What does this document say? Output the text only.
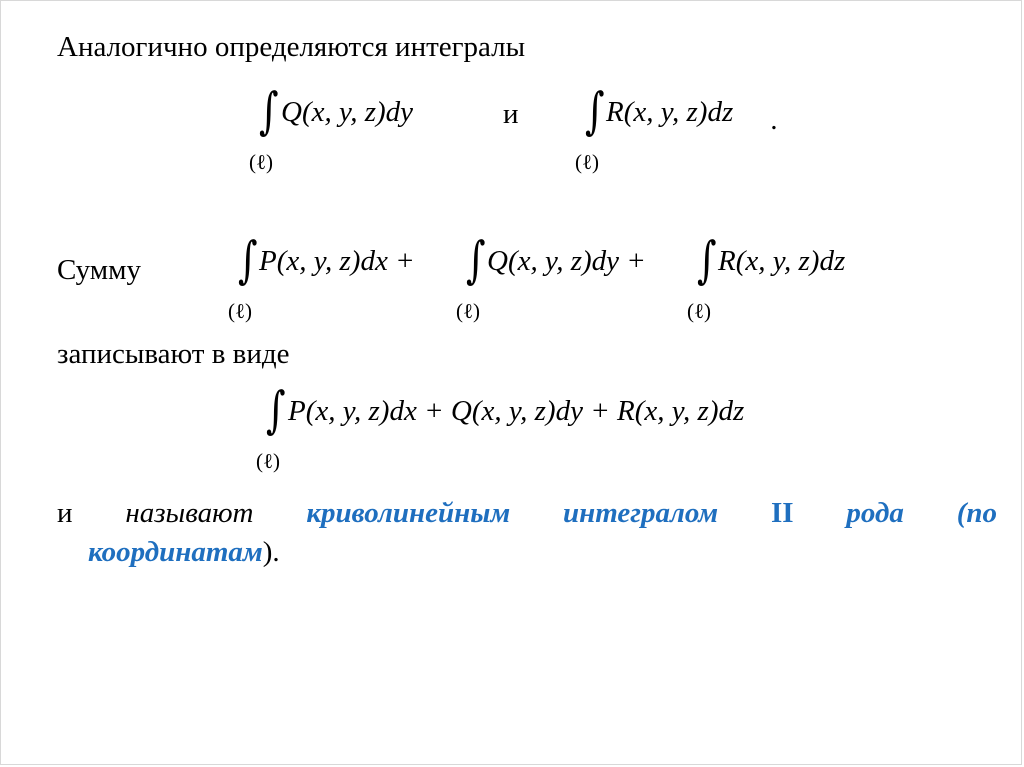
Аналогично определяются интегралы
∫ Q(x, y, z)dy
(ℓ)
и ∫ R(x, y, z)dz .
(ℓ)
Сумму ∫ P(x, y, z)dx +
(ℓ)
∫ Q(x, y, z)dy +
(ℓ)
∫ R(x, y, z)dz
(ℓ)
записывают в виде
∫ P(x, y, z)dx + Q(x, y, z)dy + R(x, y, z)dz
(ℓ)
и называют криволинейным интегралом II рода (по
координатам).
